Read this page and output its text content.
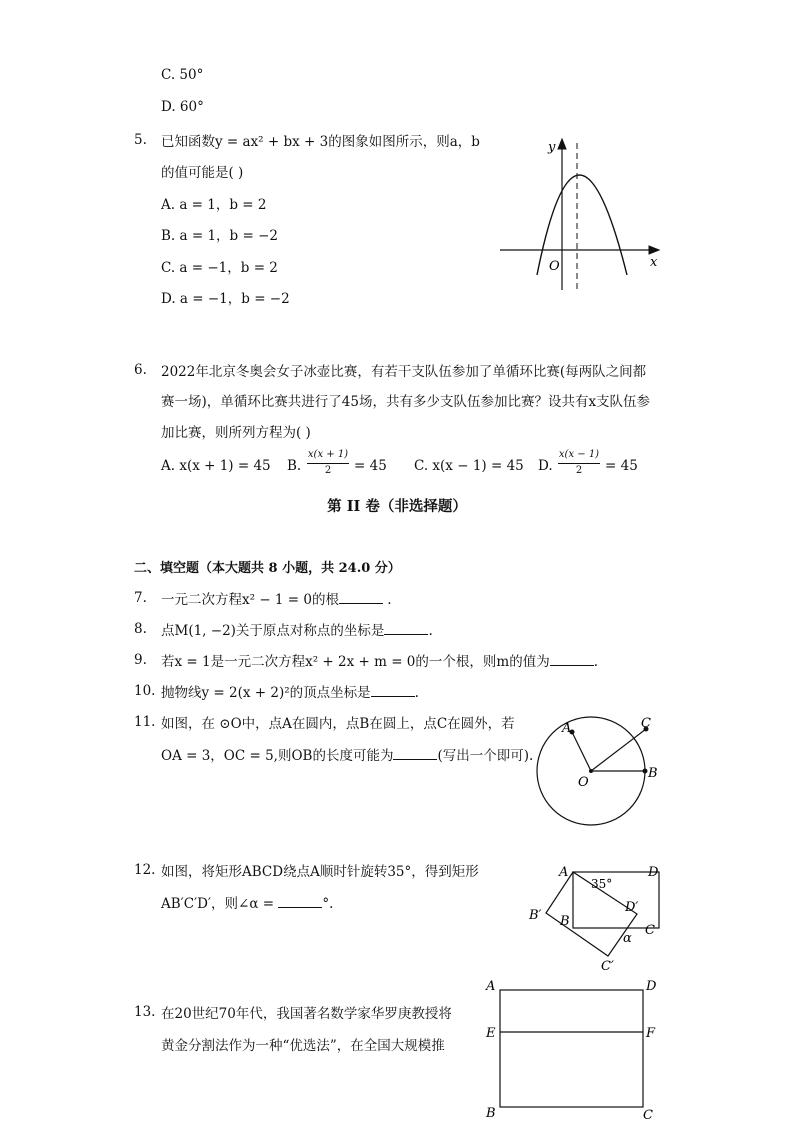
C. 50°
D. 60°
5. 已知函数y = ax² + bx + 3的图象如图所示，则a，b
的值可能是( )
A. a = 1，b = 2
B. a = 1，b = −2
C. a = −1，b = 2
D. a = −1，b = −2
y
x
O
6. 2022年北京冬奥会女子冰壶比赛，有若干支队伍参加了单循环比赛(每两队之间都
赛一场)，单循环比赛共进行了45场，共有多少支队伍参加比赛？设共有x支队伍参
加比赛，则所列方程为( )
A. x(x + 1) = 45 B.
x(x + 1)
2	= 45 C. x(x − 1) = 45 D.
x(x − 1)
2	= 45
第 II 卷（非选择题）
二、填空题（本大题共 8 小题，共 24.0 分）
7. 一元二次方程x² − 1 = 0的根	.
8. 点M(1, −2)关于原点对称点的坐标是	.
9. 若x = 1是一元二次方程x² + 2x + m = 0的一个根，则m的值为	.
10. 抛物线y = 2(x + 2)²的顶点坐标是	.
11. 如图，在 ⊙O中，点A在圆内，点B在圆上，点C在圆外，若
OA = 3，OC = 5,则OB的长度可能为	(写出一个即可).
A	C
B
O
12. 如图，将矩形ABCD绕点A顺时针旋转35°，得到矩形
AB′C′D′，则∠α =	°.
A	D
B
C
B′
C′
D′
35°
α
13. 在20世纪70年代，我国著名数学家华罗庚教授将
黄金分割法作为一种“优选法”，在全国大规模推
A	D
E	F
B	C
